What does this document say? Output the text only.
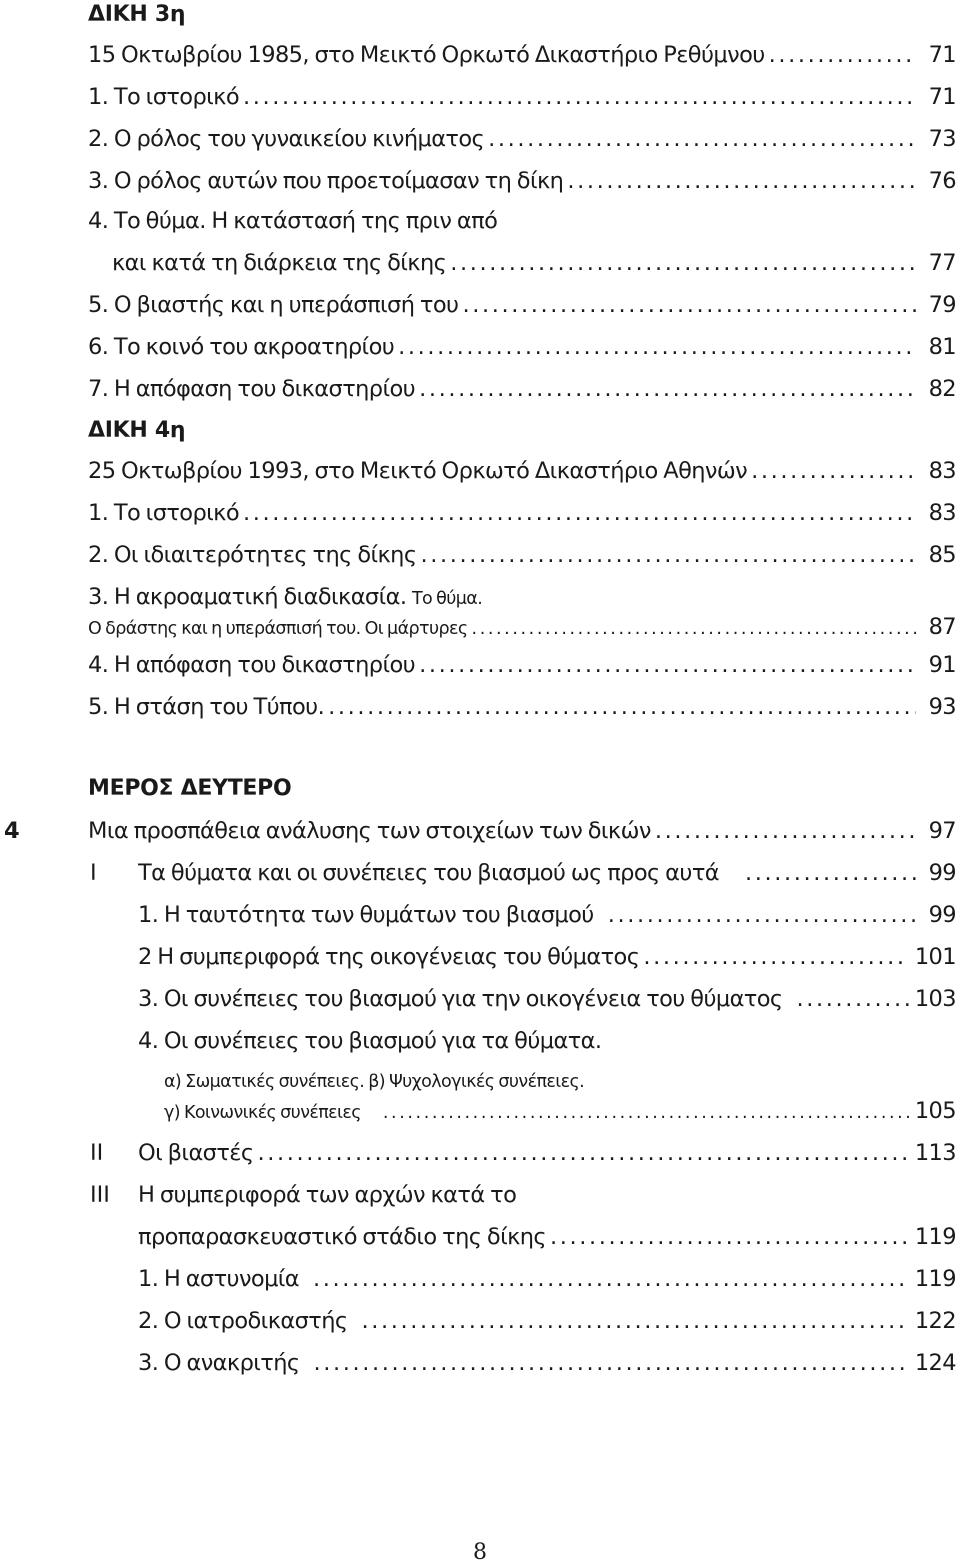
ΔΙΚΗ 3η
15 Οκτωβρίου 1985, στο Μεικτό Ορκωτό Δικαστήριο Ρεθύμνου .....	71
1. Το ιστορικό .....	71
2. Ο ρόλος του γυναικείου κινήματος .....	73
3. Ο ρόλος αυτών που προετοίμασαν τη δίκη .....	76
4. Το θύμα. Η κατάστασή της πριν από
και κατά τη διάρκεια της δίκης .....	77
5. Ο βιαστής και η υπεράσπισή του .....	79
6. Το κοινό του ακροατηρίου .....	81
7. Η απόφαση του δικαστηρίου .....	82
ΔΙΚΗ 4η
25 Οκτωβρίου 1993, στο Μεικτό Ορκωτό Δικαστήριο Αθηνών .....	83
1. Το ιστορικό .....	83
2. Οι ιδιαιτερότητες της δίκης .....	85
3. Η ακροαματική διαδικασία. Το θύμα.
Ο δράστης και η υπεράσπισή του. Οι μάρτυρες .....	87
4. Η απόφαση του δικαστηρίου .....	91
5. Η στάση του Τύπου. .....	93
ΜΕΡΟΣ ΔΕΥΤΕΡΟ
4	Μια προσπάθεια ανάλυσης των στοιχείων των δικών .....	97
Ι Τα θύματα και οι συνέπειες του βιασμού ως προς αυτά .....	99
1. Η ταυτότητα των θυμάτων του βιασμού .....	99
2 Η συμπεριφορά της οικογένειας του θύματος .....	101
3. Οι συνέπειες του βιασμού για την οικογένεια του θύματος .....	103
4. Οι συνέπειες του βιασμού για τα θύματα.
α) Σωματικές συνέπειες. β) Ψυχολογικές συνέπειες.
γ) Κοινωνικές συνέπειες .....	105
ΙΙ Οι βιαστές .....	113
ΙΙΙ Η συμπεριφορά των αρχών κατά το
προπαρασκευαστικό στάδιο της δίκης .....	119
1. Η αστυνομία .....	119
2. Ο ιατροδικαστής .....	122
3. Ο ανακριτής .....	124
8
